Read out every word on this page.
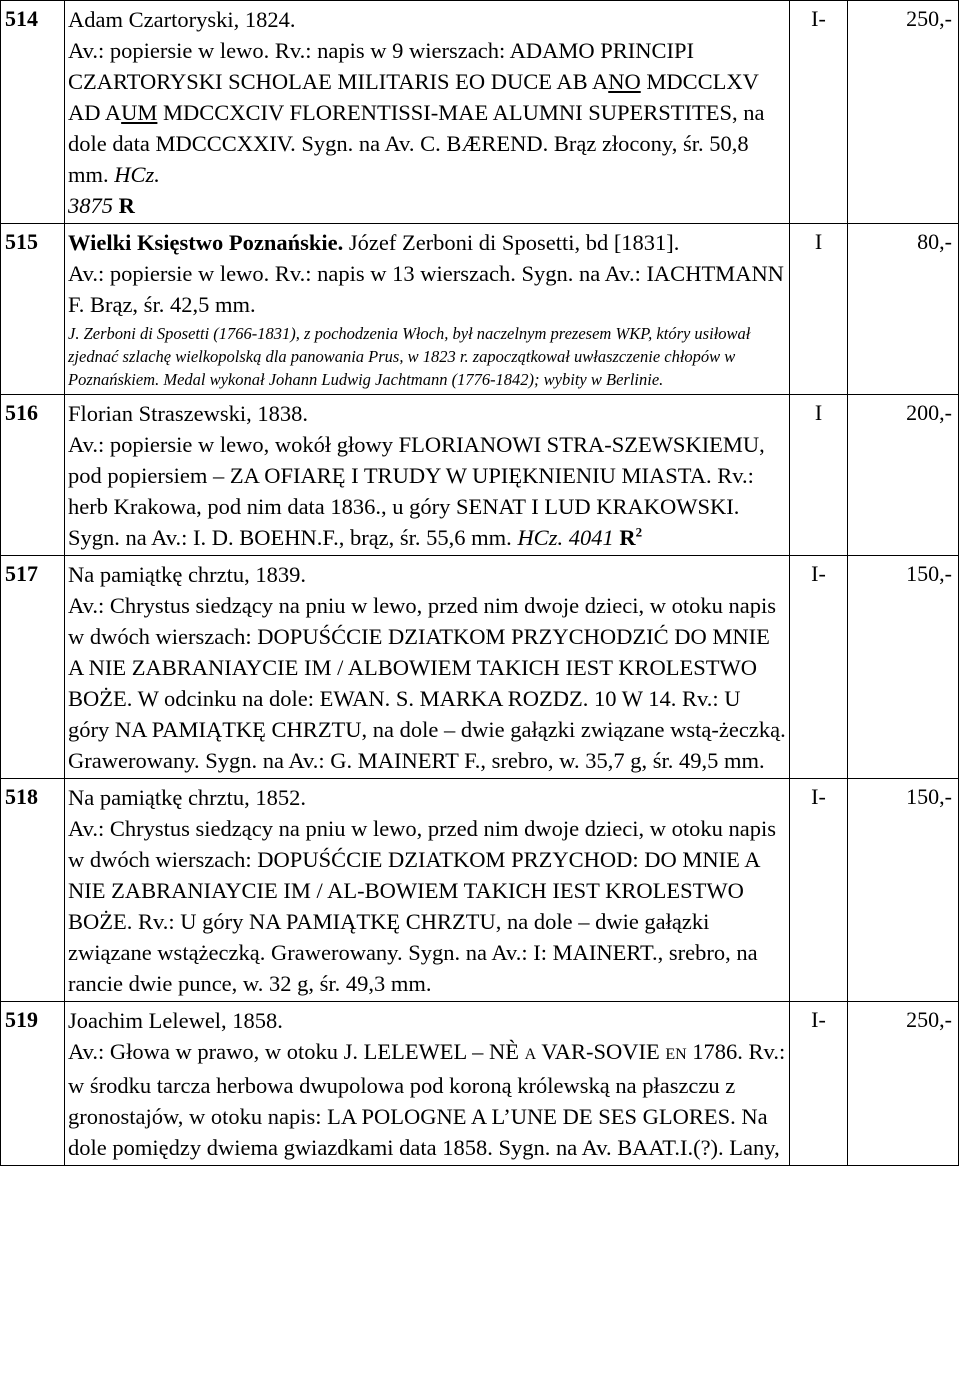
514	Adam Czartoryski, 1824.
Av.: popiersie w lewo. Rv.: napis w 9 wierszach: ADAMO PRINCIPI CZARTORYSKI SCHOLAE MILITARIS EO DUCE AB ANO MDCCLXV AD AUM MDCCXCIV FLORENTISSI-MAE ALUMNI SUPERSTITES, na dole data MDCCCXXIV. Sygn. na Av. C. BÆREND. Brąz złocony, śr. 50,8 mm. HCz.
3875 R	I-	250,-
515	Wielki Księstwo Poznańskie. Józef Zerboni di Sposetti, bd [1831].
Av.: popiersie w lewo. Rv.: napis w 13 wierszach. Sygn. na Av.: IACHTMANN F. Brąz, śr. 42,5 mm.

J. Zerboni di Sposetti (1766-1831), z pochodzenia Włoch, był naczelnym prezesem WKP, który usiłował zjednać szlachę wielkopolską dla panowania Prus, w 1823 r. zapoczątkował uwłaszczenie chłopów w Poznańskiem. Medal wykonał Johann Ludwig Jachtmann (1776-1842); wybity w Berlinie.	I	80,-
516	Florian Straszewski, 1838.
Av.: popiersie w lewo, wokół głowy FLORIANOWI STRA-SZEWSKIEMU, pod popiersiem – ZA OFIARĘ I TRUDY W UPIĘKNIENIU MIASTA. Rv.: herb Krakowa, pod nim data 1836., u góry SENAT I LUD KRAKOWSKI. Sygn. na Av.: I. D. BOEHN.F., brąz, śr. 55,6 mm. HCz. 4041 $R^2$	I	200,-
517	Na pamiątkę chrztu, 1839.
Av.: Chrystus siedzący na pniu w lewo, przed nim dwoje dzieci, w otoku napis w dwóch wierszach: DOPUŚĆCIE DZIATKOM PRZYCHODZIĆ DO MNIE A NIE ZABRANIAYCIE IM / ALBOWIEM TAKICH IEST KROLESTWO BOŻE. W odcinku na dole: EWAN. S. MARKA ROZDZ. 10 W 14. Rv.: U góry NA PAMIĄTKĘ CHRZTU, na dole – dwie gałązki związane wstą-żeczką. Grawerowany. Sygn. na Av.: G. MAINERT F., srebro, w. 35,7 g, śr. 49,5 mm.	I-	150,-
518	Na pamiątkę chrztu, 1852.
Av.: Chrystus siedzący na pniu w lewo, przed nim dwoje dzieci, w otoku napis w dwóch wierszach: DOPUŚĆCIE DZIATKOM PRZYCHOD: DO MNIE A NIE ZABRANIAYCIE IM / AL-BOWIEM TAKICH IEST KROLESTWO BOŻE. Rv.: U góry NA PAMIĄTKĘ CHRZTU, na dole – dwie gałązki związane wstążeczką. Grawerowany. Sygn. na Av.: I: MAINERT., srebro, na rancie dwie punce, w. 32 g, śr. 49,3 mm.	I-	150,-
519	Joachim Lelewel, 1858.
Av.: Głowa w prawo, w otoku J. LELEWEL – NÈ A VAR-SOVIE EN 1786. Rv.: w środku tarcza herbowa dwupolowa pod koroną królewską na płaszczu z gronostajów, w otoku napis: LA POLOGNE A L’UNE DE SES GLORES. Na dole pomiędzy dwiema gwiazdkami data 1858. Sygn. na Av. BAAT.I.(?). Lany,	I-	250,-
